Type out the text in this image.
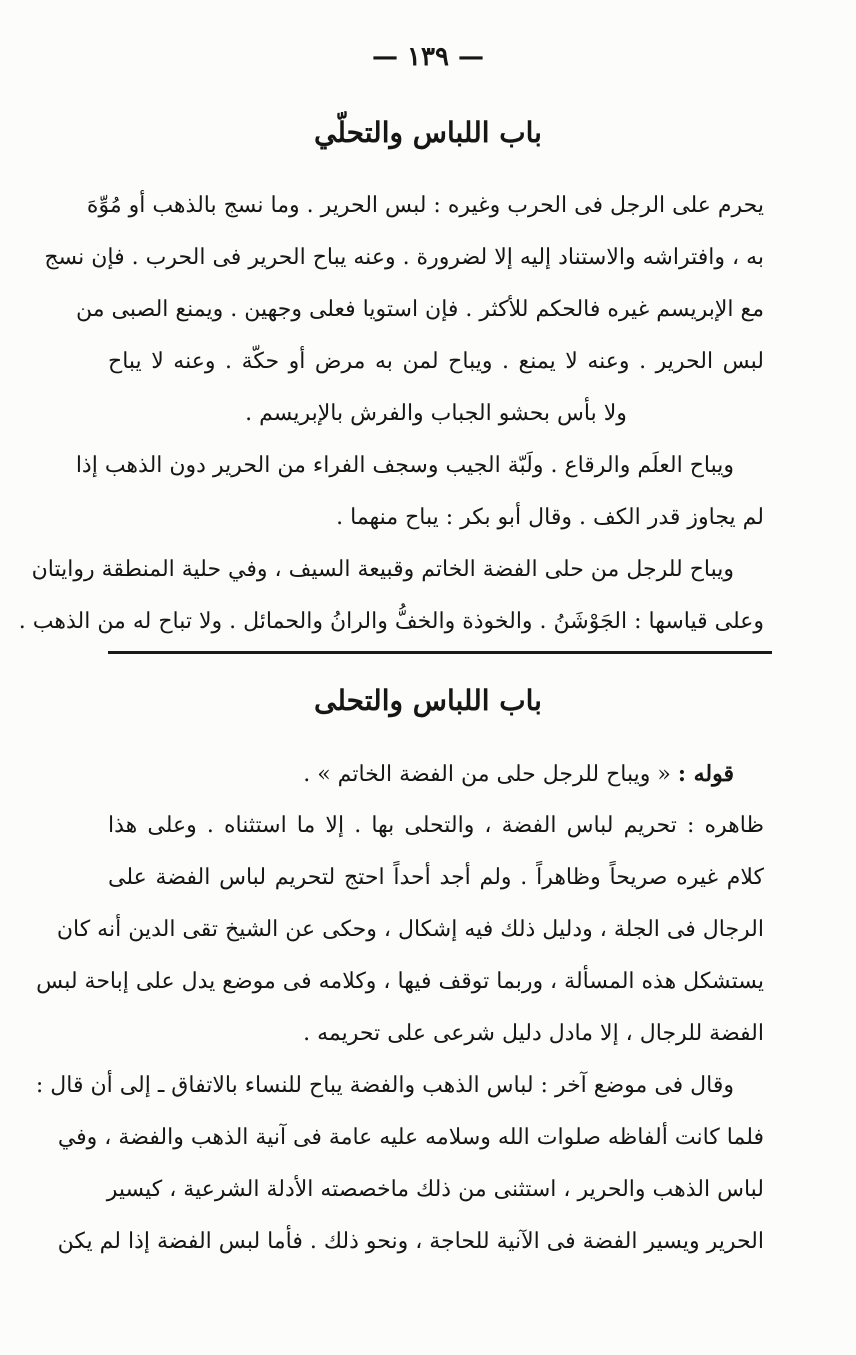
— ١٣٩ —
باب اللباس والتحلّي
يحرم على الرجل فى الحرب وغيره : لبس الحرير . وما نسج بالذهب أو مُوِّهَ
به ، وافتراشه والاستناد إليه إلا لضرورة . وعنه يباح الحرير فى الحرب . فإن نسج
مع الإبريسم غيره فالحكم للأكثر . فإن استويا فعلى وجهين . ويمنع الصبى من
لبس الحرير . وعنه لا يمنع . ويباح لمن به مرض أو حكّة . وعنه لا يباح
ولا بأس بحشو الجباب والفرش بالإبريسم .
ويباح العلَم والرقاع . ولَبّة الجيب وسجف الفراء من الحرير دون الذهب إذا
لم يجاوز قدر الكف . وقال أبو بكر : يباح منهما .
ويباح للرجل من حلى الفضة الخاتم وقبيعة السيف ، وفي حلية المنطقة روايتان
وعلى قياسها : الجَوْشَنُ . والخوذة والخفُّ والرانُ والحمائل . ولا تباح له من الذهب .
باب اللباس والتحلى
قوله : « ويباح للرجل حلى من الفضة الخاتم » .
ظاهره : تحريم لباس الفضة ، والتحلى بها . إلا ما استثناه . وعلى هذا
كلام غيره صريحاً وظاهراً . ولم أجد أحداً احتج لتحريم لباس الفضة على
الرجال فى الجلة ، ودليل ذلك فيه إشكال ، وحكى عن الشيخ تقى الدين أنه كان
يستشكل هذه المسألة ، وربما توقف فيها ، وكلامه فى موضع يدل على إباحة لبس
الفضة للرجال ، إلا مادل دليل شرعى على تحريمه .
وقال فى موضع آخر : لباس الذهب والفضة يباح للنساء بالاتفاق ـ إلى أن قال :
فلما كانت ألفاظه صلوات الله وسلامه عليه عامة فى آنية الذهب والفضة ، وفي
لباس الذهب والحرير ، استثنى من ذلك ماخصصته الأدلة الشرعية ، كيسير
الحرير ويسير الفضة فى الآنية للحاجة ، ونحو ذلك . فأما لبس الفضة إذا لم يكن
